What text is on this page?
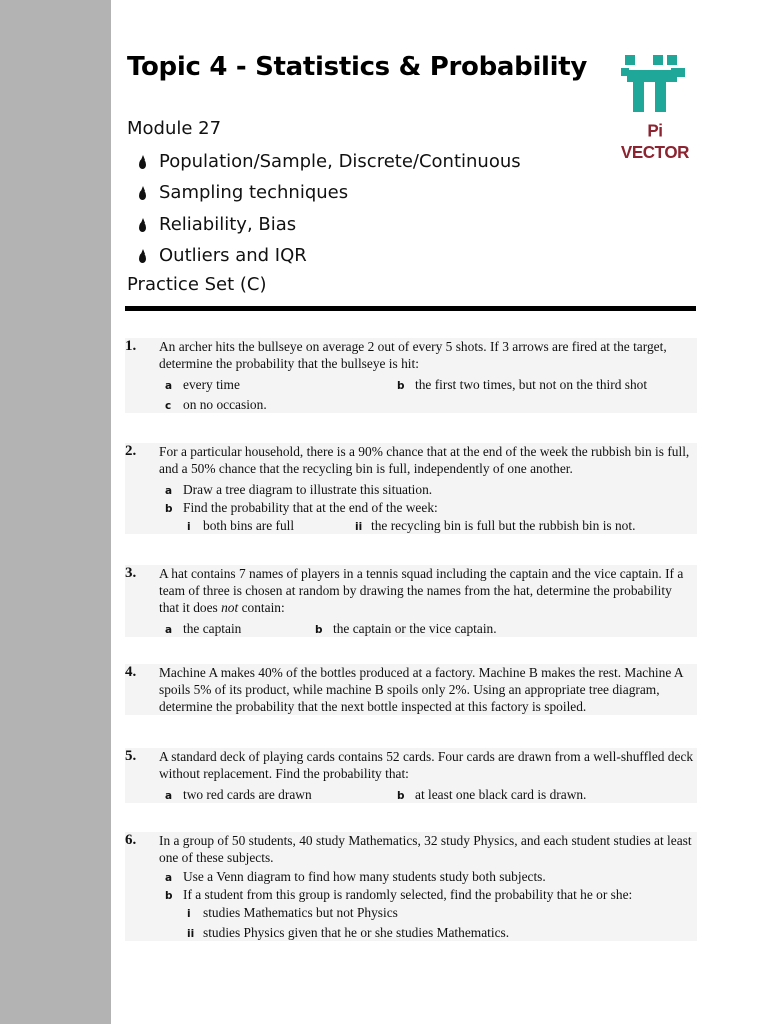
Topic 4 - Statistics & Probability
Pi VECTOR
Module 27
Population/Sample, Discrete/Continuous
Sampling techniques
Reliability, Bias
Outliers and IQR
Practice Set (C)
1. An archer hits the bullseye on average 2 out of every 5 shots. If 3 arrows are fired at the target, determine the probability that the bullseye is hit:
a every time	b the first two times, but not on the third shot
c on no occasion.
2. For a particular household, there is a 90% chance that at the end of the week the rubbish bin is full, and a 50% chance that the recycling bin is full, independently of one another.
a Draw a tree diagram to illustrate this situation.
b Find the probability that at the end of the week:
i both bins are full	ii the recycling bin is full but the rubbish bin is not.
3. A hat contains 7 names of players in a tennis squad including the captain and the vice captain. If a team of three is chosen at random by drawing the names from the hat, determine the probability that it does not contain:
a the captain	b the captain or the vice captain.
4. Machine A makes 40% of the bottles produced at a factory. Machine B makes the rest. Machine A spoils 5% of its product, while machine B spoils only 2%. Using an appropriate tree diagram, determine the probability that the next bottle inspected at this factory is spoiled.
5. A standard deck of playing cards contains 52 cards. Four cards are drawn from a well-shuffled deck without replacement. Find the probability that:
a two red cards are drawn	b at least one black card is drawn.
6. In a group of 50 students, 40 study Mathematics, 32 study Physics, and each student studies at least one of these subjects.
a Use a Venn diagram to find how many students study both subjects.
b If a student from this group is randomly selected, find the probability that he or she:
i studies Mathematics but not Physics
ii studies Physics given that he or she studies Mathematics.
